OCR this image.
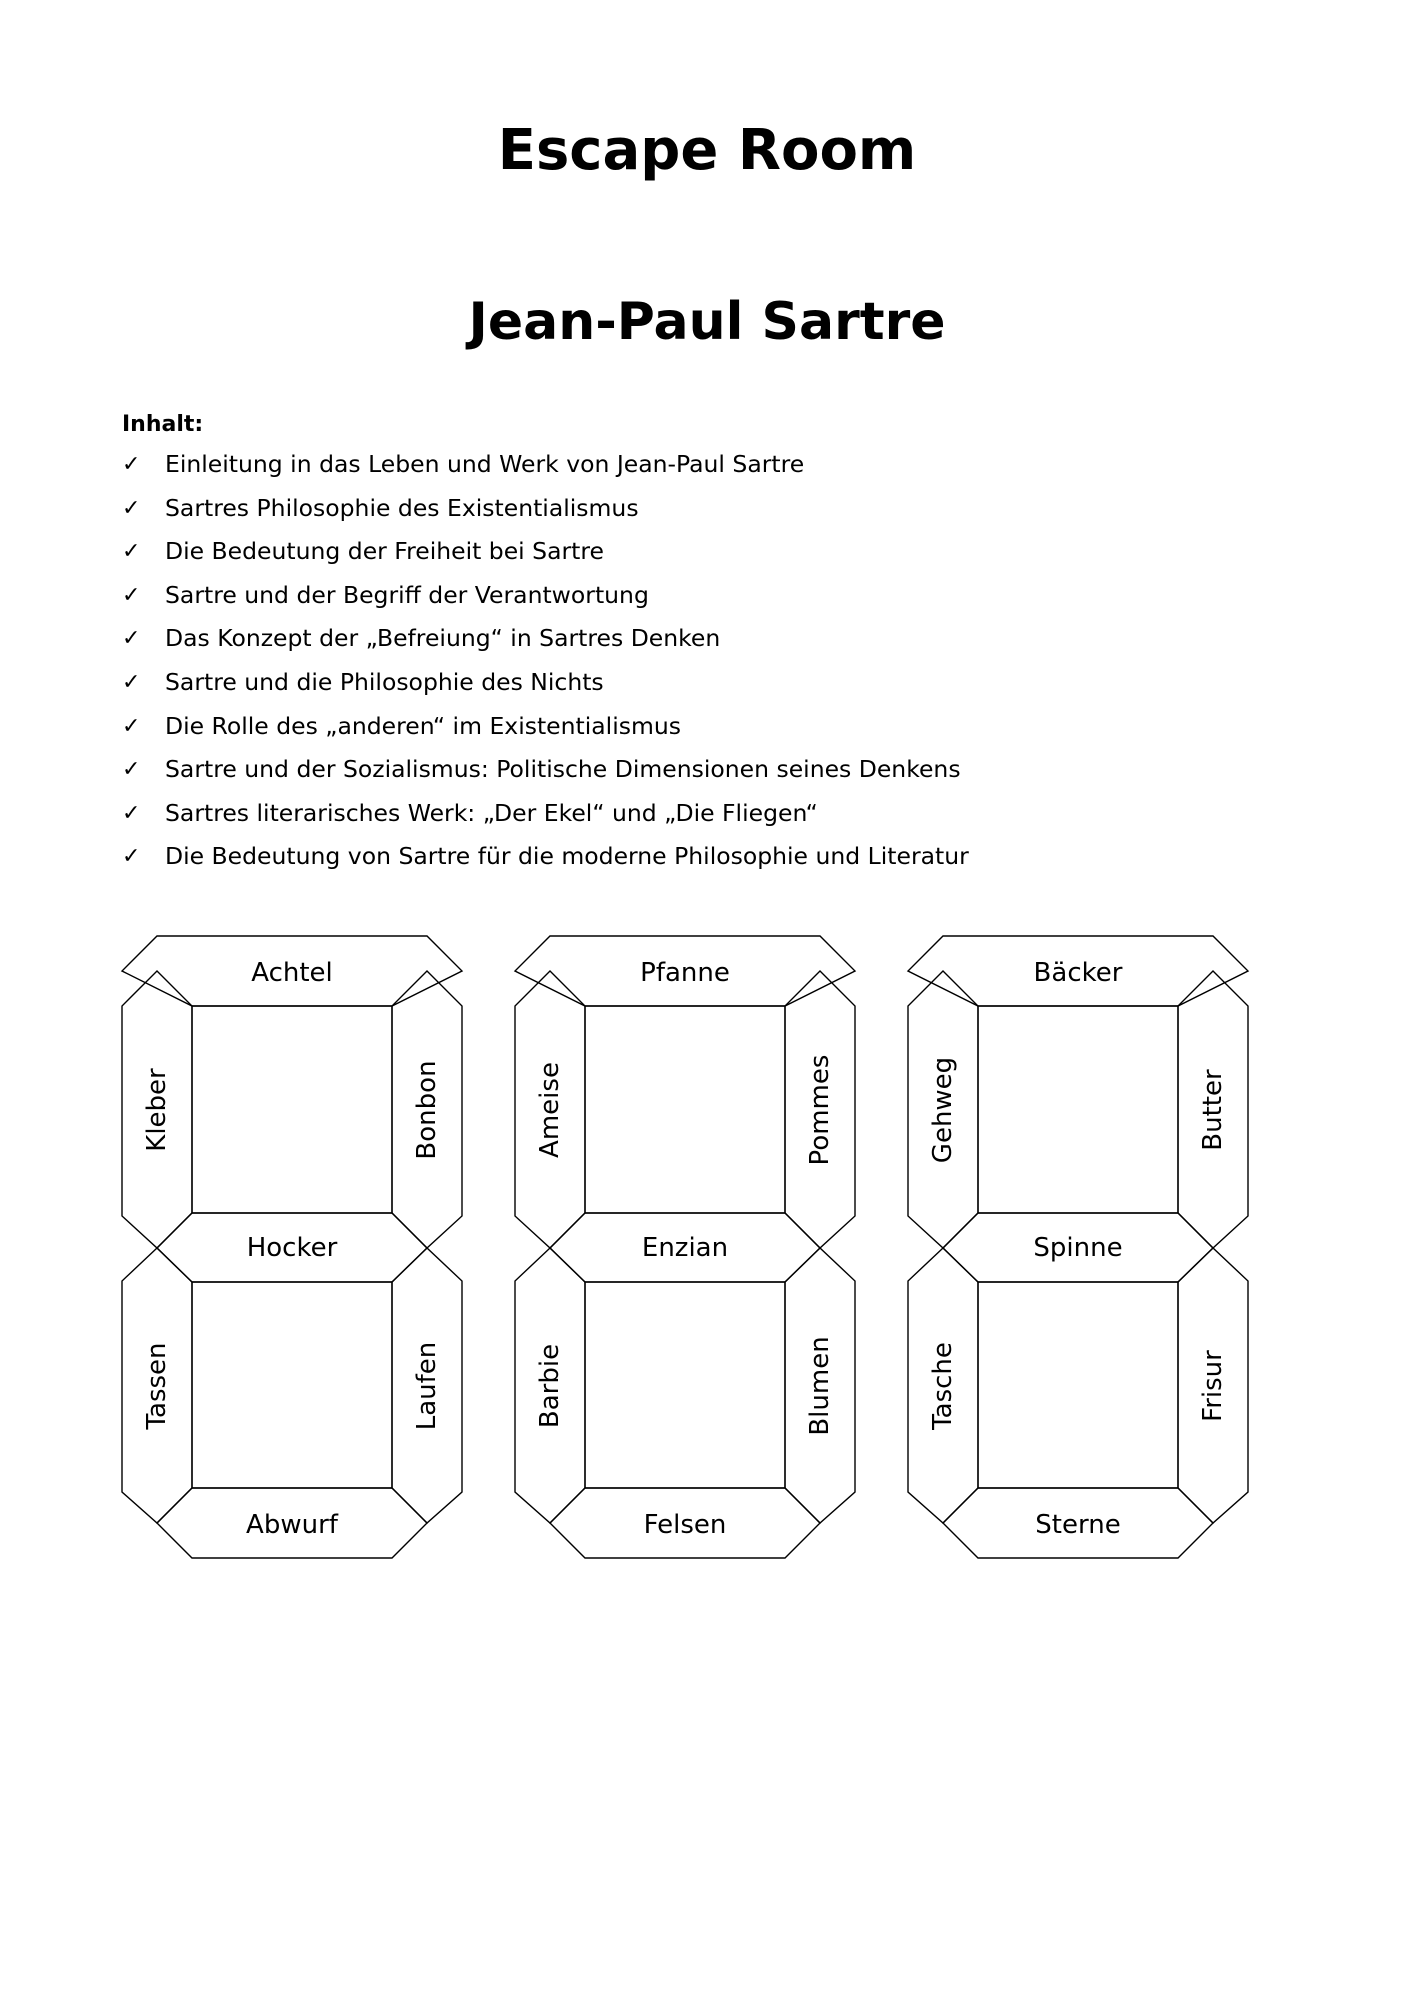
Escape Room
Jean-Paul Sartre
Inhalt:
✓	Einleitung in das Leben und Werk von Jean-Paul Sartre
✓	Sartres Philosophie des Existentialismus
✓	Die Bedeutung der Freiheit bei Sartre
✓	Sartre und der Begriff der Verantwortung
✓	Das Konzept der „Befreiung“ in Sartres Denken
✓	Sartre und die Philosophie des Nichts
✓	Die Rolle des „anderen“ im Existentialismus
✓	Sartre und der Sozialismus: Politische Dimensionen seines Denkens
✓	Sartres literarisches Werk: „Der Ekel“ und „Die Fliegen“
✓	Die Bedeutung von Sartre für die moderne Philosophie und Literatur
Achtel
Kleber	Bonbon
Hocker
Tassen	Laufen
Abwurf
Pfanne
Ameise	Pommes
Enzian
Barbie	Blumen
Felsen
Bäcker
Gehweg	Butter
Spinne
Tasche	Frisur
Sterne
